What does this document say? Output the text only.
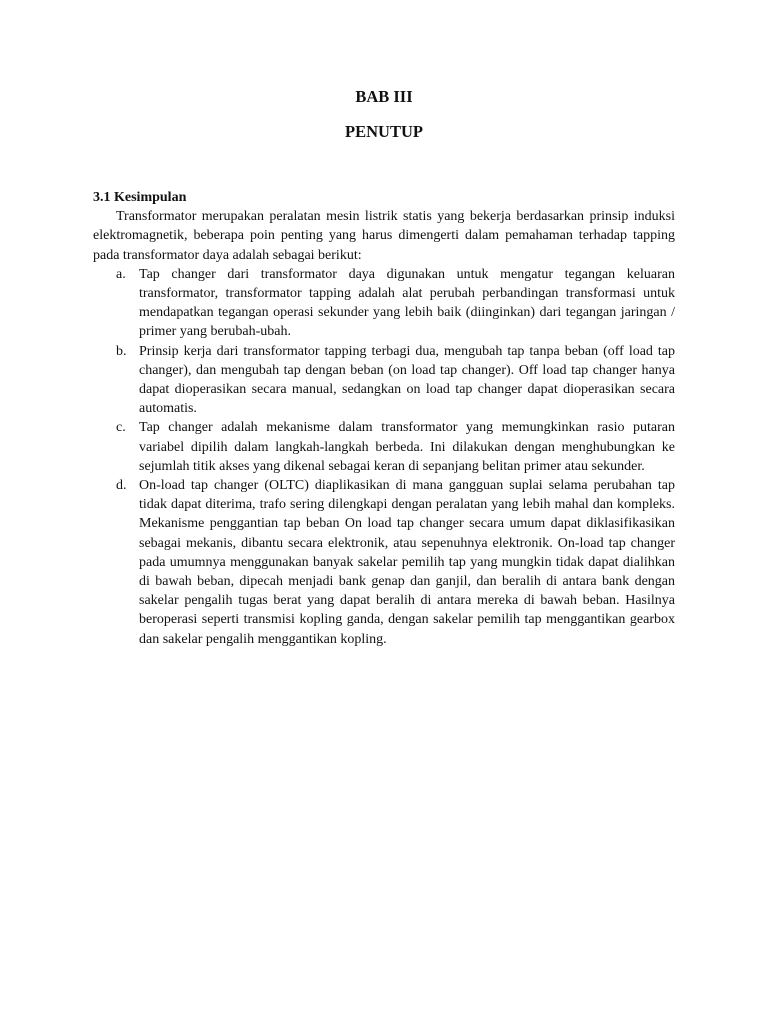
BAB III
PENUTUP
3.1 Kesimpulan

Transformator merupakan peralatan mesin listrik statis yang bekerja berdasarkan prinsip induksi elektromagnetik, beberapa poin penting yang harus dimengerti dalam pemahaman terhadap tapping pada transformator daya adalah sebagai berikut:

a. Tap changer dari transformator daya digunakan untuk mengatur tegangan keluaran transformator, transformator tapping adalah alat perubah perbandingan transformasi untuk mendapatkan tegangan operasi sekunder yang lebih baik (diinginkan) dari tegangan jaringan / primer yang berubah-ubah.
b. Prinsip kerja dari transformator tapping terbagi dua, mengubah tap tanpa beban (off load tap changer), dan mengubah tap dengan beban (on load tap changer). Off load tap changer hanya dapat dioperasikan secara manual, sedangkan on load tap changer dapat dioperasikan secara automatis.
c. Tap changer adalah mekanisme dalam transformator yang memungkinkan rasio putaran variabel dipilih dalam langkah-langkah berbeda. Ini dilakukan dengan menghubungkan ke sejumlah titik akses yang dikenal sebagai keran di sepanjang belitan primer atau sekunder.
d. On-load tap changer (OLTC) diaplikasikan di mana gangguan suplai selama perubahan tap tidak dapat diterima, trafo sering dilengkapi dengan peralatan yang lebih mahal dan kompleks. Mekanisme penggantian tap beban On load tap changer secara umum dapat diklasifikasikan sebagai mekanis, dibantu secara elektronik, atau sepenuhnya elektronik. On-load tap changer pada umumnya menggunakan banyak sakelar pemilih tap yang mungkin tidak dapat dialihkan di bawah beban, dipecah menjadi bank genap dan ganjil, dan beralih di antara bank dengan sakelar pengalih tugas berat yang dapat beralih di antara mereka di bawah beban. Hasilnya beroperasi seperti transmisi kopling ganda, dengan sakelar pemilih tap menggantikan gearbox dan sakelar pengalih menggantikan kopling.
